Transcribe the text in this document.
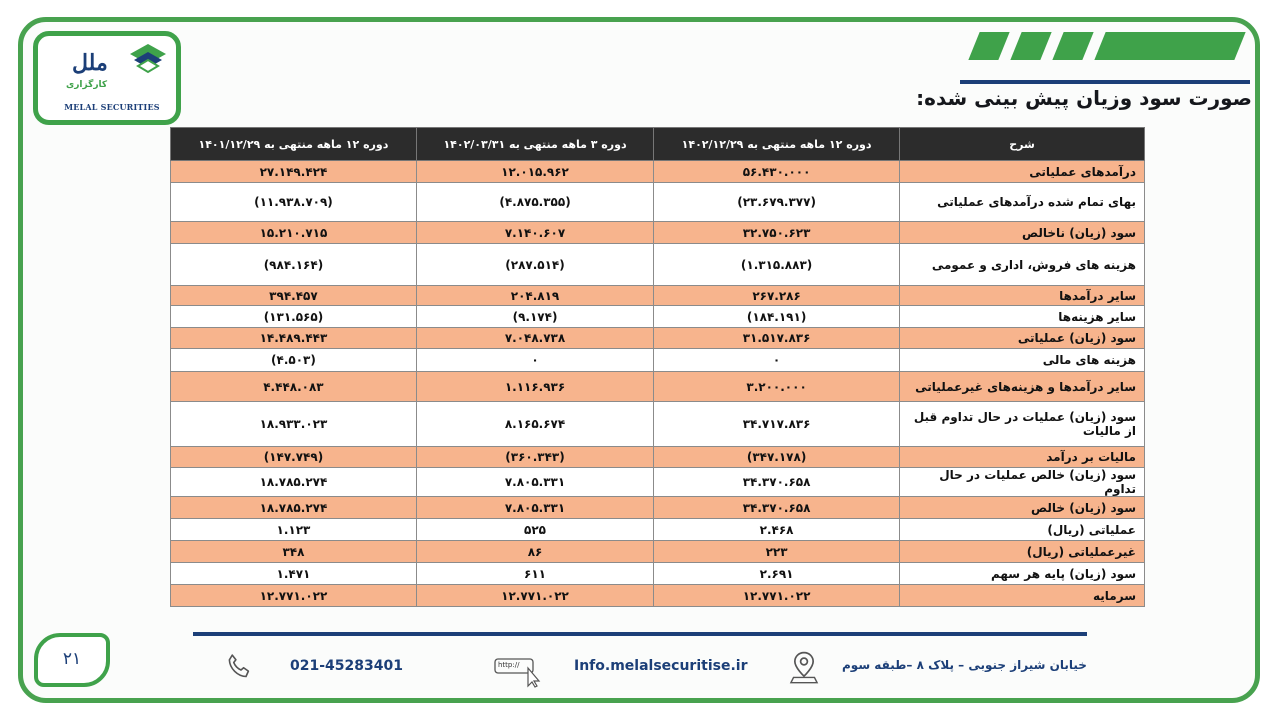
ملل
کارگزاری
MELAL SECURITIES	صورت سود وزیان پیش بینی شده:
شرح	دوره ۱۲ ماهه منتهی به ۱۴۰۲/۱۲/۲۹	دوره ۳ ماهه منتهی به ۱۴۰۲/۰۳/۳۱	دوره ۱۲ ماهه منتهی به ۱۴۰۱/۱۲/۲۹
درآمدهای عملیاتی	۵۶.۴۳۰.۰۰۰	۱۲.۰۱۵.۹۶۲	۲۷.۱۴۹.۴۲۴
بهای تمام شده درآمدهای عملیاتی	(۲۳.۶۷۹.۳۷۷)	(۴.۸۷۵.۳۵۵)	(۱۱.۹۳۸.۷۰۹)
سود (زیان) ناخالص	۳۲.۷۵۰.۶۲۳	۷.۱۴۰.۶۰۷	۱۵.۲۱۰.۷۱۵
هزینه های فروش، اداری و عمومی	(۱.۳۱۵.۸۸۳)	(۲۸۷.۵۱۴)	(۹۸۴.۱۶۴)
سایر درآمدها	۲۶۷.۲۸۶	۲۰۴.۸۱۹	۳۹۴.۴۵۷
سایر هزینه‌ها	(۱۸۴.۱۹۱)	(۹.۱۷۴)	(۱۳۱.۵۶۵)
سود (زیان) عملیاتی	۳۱.۵۱۷.۸۳۶	۷.۰۴۸.۷۳۸	۱۴.۴۸۹.۴۴۳
هزینه های مالی	۰	۰	(۴.۵۰۳)
سایر درآمدها و هزینه‌های غیرعملیاتی	۳.۲۰۰.۰۰۰	۱.۱۱۶.۹۳۶	۴.۴۴۸.۰۸۳
سود (زیان) عملیات در حال تداوم قبل از مالیات	۳۴.۷۱۷.۸۳۶	۸.۱۶۵.۶۷۴	۱۸.۹۳۳.۰۲۳
مالیات بر درآمد	(۳۴۷.۱۷۸)	(۳۶۰.۳۴۳)	(۱۴۷.۷۴۹)
سود (زیان) خالص عملیات در حال تداوم	۳۴.۳۷۰.۶۵۸	۷.۸۰۵.۳۳۱	۱۸.۷۸۵.۲۷۴
سود (زیان) خالص	۳۴.۳۷۰.۶۵۸	۷.۸۰۵.۳۳۱	۱۸.۷۸۵.۲۷۴
عملیاتی (ریال)	۲.۴۶۸	۵۲۵	۱.۱۲۳
غیرعملیاتی (ریال)	۲۲۳	۸۶	۳۴۸
سود (زیان) پایه هر سهم	۲.۶۹۱	۶۱۱	۱.۴۷۱
سرمایه	۱۲.۷۷۱.۰۲۲	۱۲.۷۷۱.۰۲۲	۱۲.۷۷۱.۰۲۲
۲۱	021-45283401	http://	Info.melalsecuritise.ir	خیابان شیراز جنوبی – پلاک ۸ –طبقه سوم
